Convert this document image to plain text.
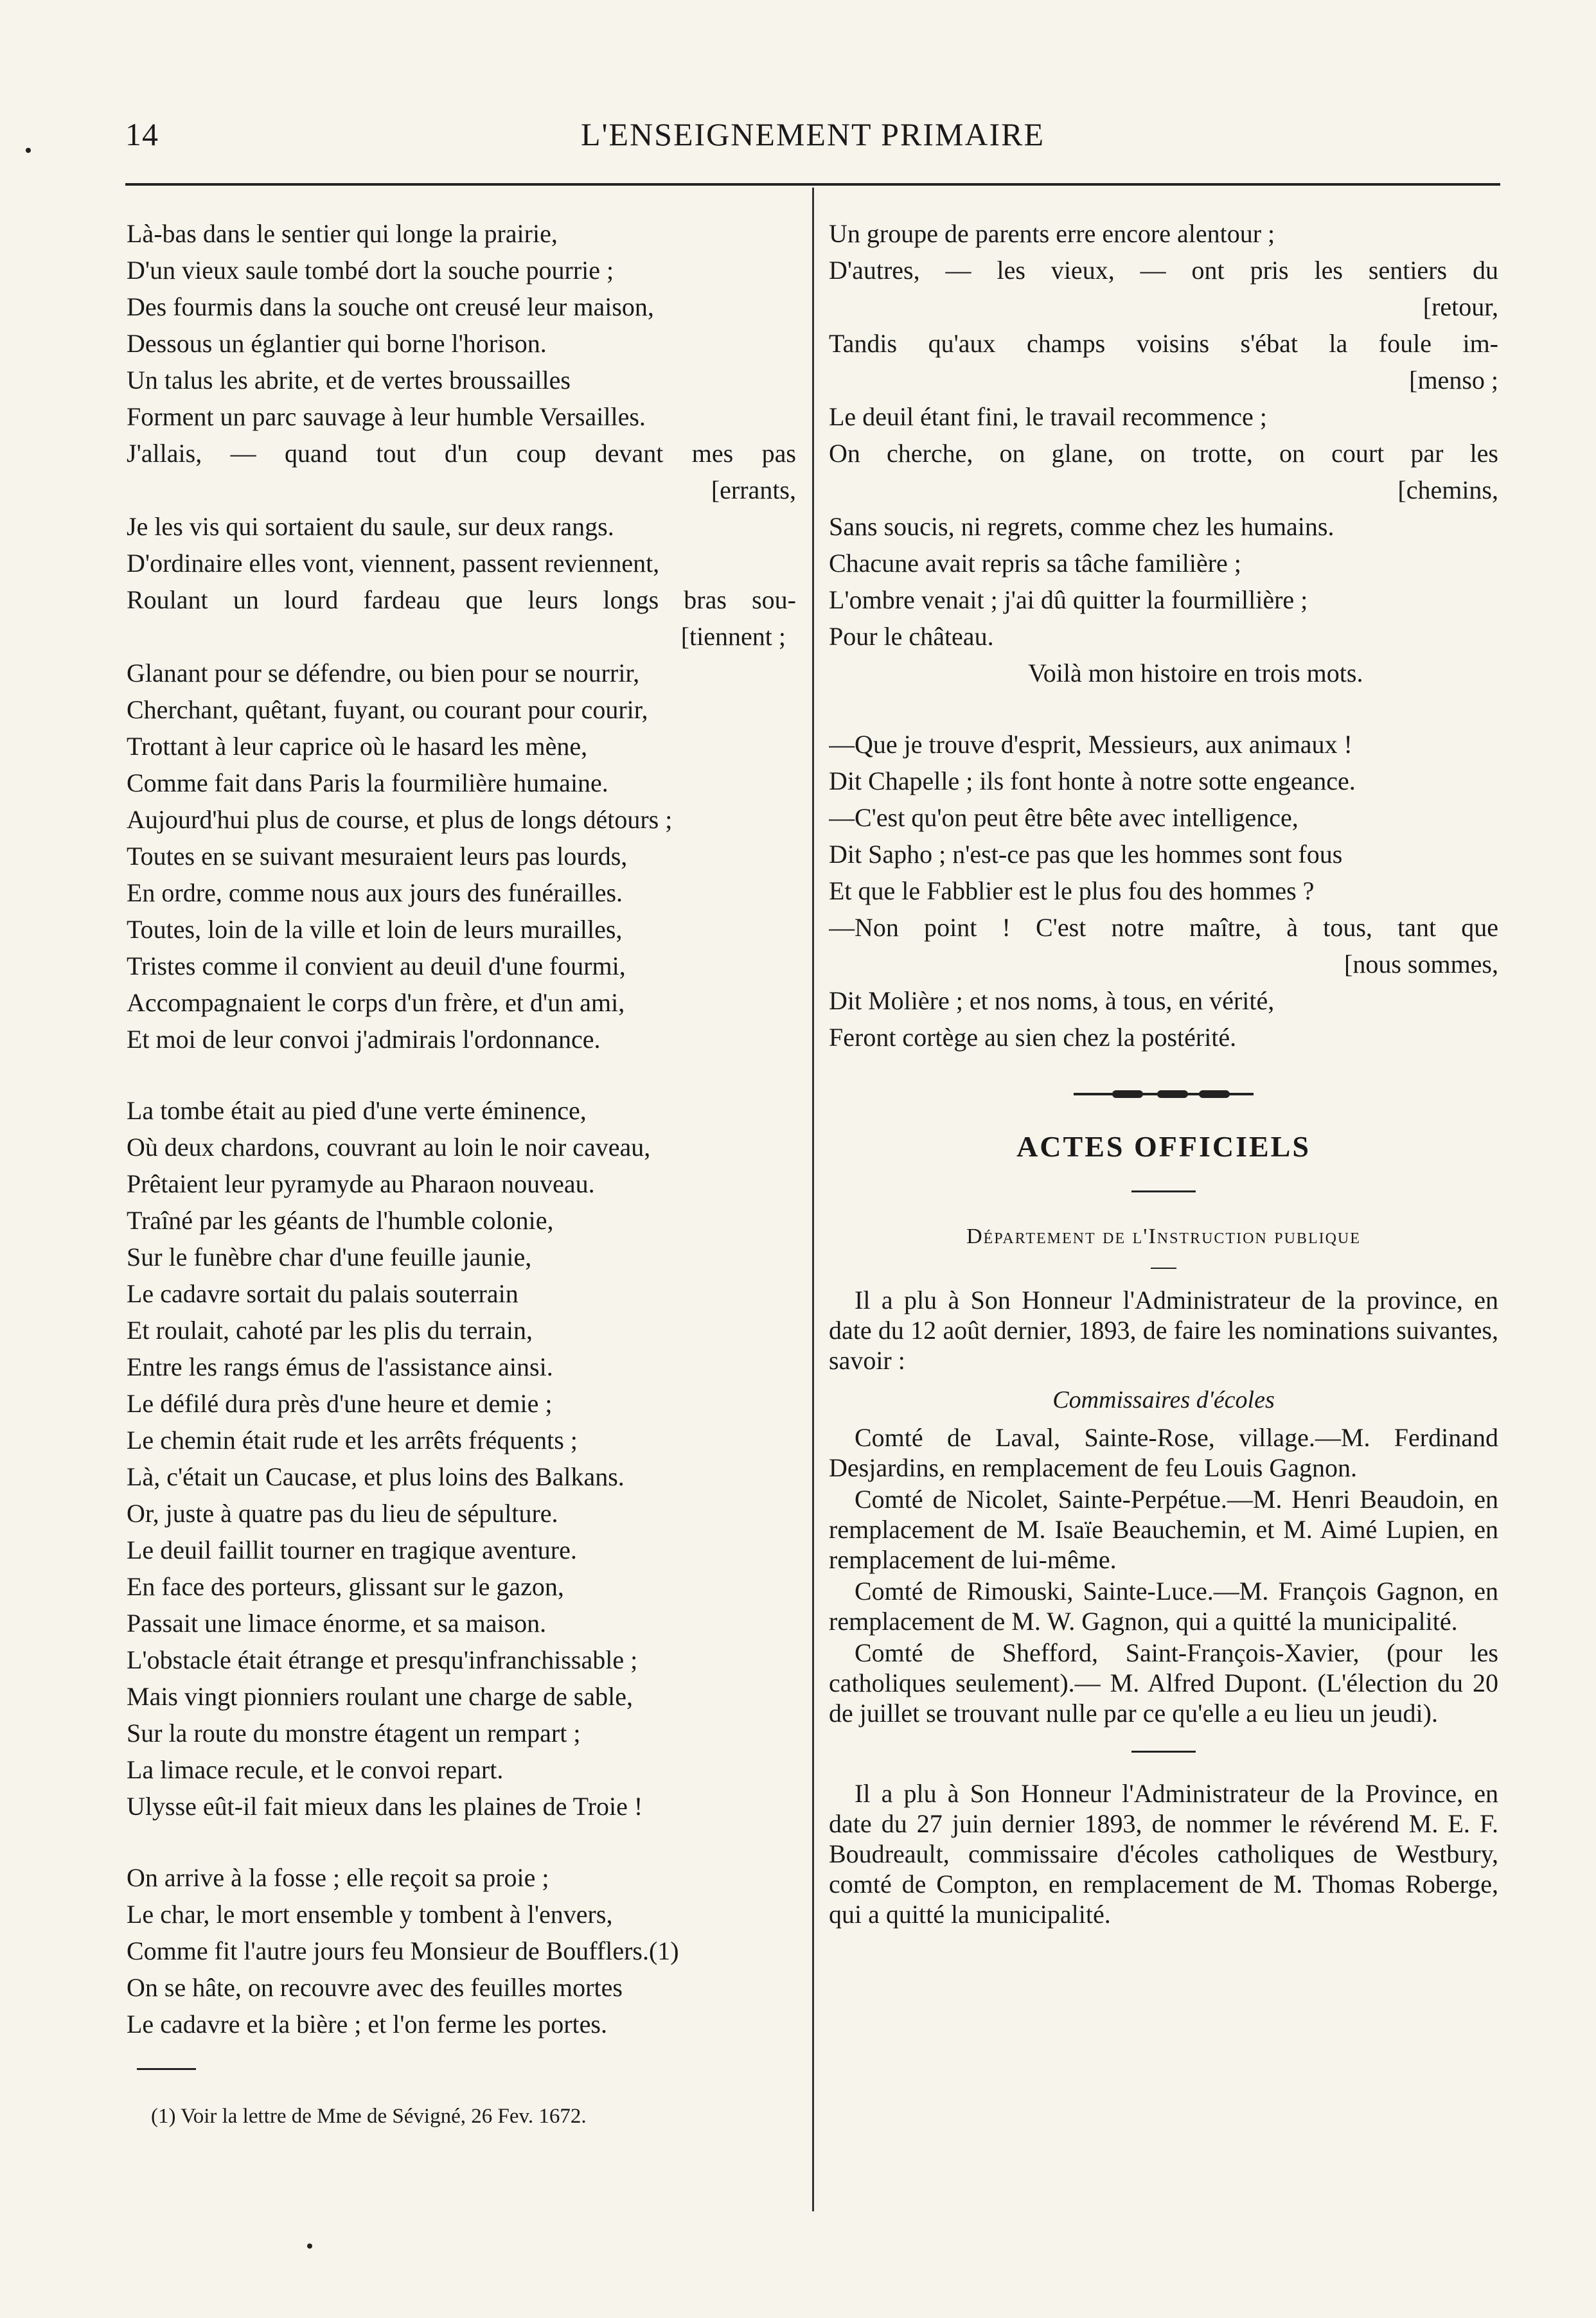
14	L'ENSEIGNEMENT PRIMAIRE
Là-bas dans le sentier qui longe la prairie,
D'un vieux saule tombé dort la souche pourrie ;
Des fourmis dans la souche ont creusé leur maison,
Dessous un églantier qui borne l'horison.
Un talus les abrite, et de vertes broussailles
Forment un parc sauvage à leur humble Versailles.
J'allais, — quand tout d'un coup devant mes pas
[errants,
Je les vis qui sortaient du saule, sur deux rangs.
D'ordinaire elles vont, viennent, passent reviennent,
Roulant un lourd fardeau que leurs longs bras sou-
[tiennent ;
Glanant pour se défendre, ou bien pour se nourrir,
Cherchant, quêtant, fuyant, ou courant pour courir,
Trottant à leur caprice où le hasard les mène,
Comme fait dans Paris la fourmilière humaine.
Aujourd'hui plus de course, et plus de longs détours ;
Toutes en se suivant mesuraient leurs pas lourds,
En ordre, comme nous aux jours des funérailles.
Toutes, loin de la ville et loin de leurs murailles,
Tristes comme il convient au deuil d'une fourmi,
Accompagnaient le corps d'un frère, et d'un ami,
Et moi de leur convoi j'admirais l'ordonnance.
La tombe était au pied d'une verte éminence,
Où deux chardons, couvrant au loin le noir caveau,
Prêtaient leur pyramyde au Pharaon nouveau.
Traîné par les géants de l'humble colonie,
Sur le funèbre char d'une feuille jaunie,
Le cadavre sortait du palais souterrain
Et roulait, cahoté par les plis du terrain,
Entre les rangs émus de l'assistance ainsi.
Le défilé dura près d'une heure et demie ;
Le chemin était rude et les arrêts fréquents ;
Là, c'était un Caucase, et plus loins des Balkans.
Or, juste à quatre pas du lieu de sépulture.
Le deuil faillit tourner en tragique aventure.
En face des porteurs, glissant sur le gazon,
Passait une limace énorme, et sa maison.
L'obstacle était étrange et presqu'infranchissable ;
Mais vingt pionniers roulant une charge de sable,
Sur la route du monstre étagent un rempart ;
La limace recule, et le convoi repart.
Ulysse eût-il fait mieux dans les plaines de Troie !
On arrive à la fosse ; elle reçoit sa proie ;
Le char, le mort ensemble y tombent à l'envers,
Comme fit l'autre jours feu Monsieur de Boufflers.(1)
On se hâte, on recouvre avec des feuilles mortes
Le cadavre et la bière ; et l'on ferme les portes.
(1) Voir la lettre de Mme de Sévigné, 26 Fev. 1672.
Un groupe de parents erre encore alentour ;
D'autres, — les vieux, — ont pris les sentiers du
[retour,
Tandis qu'aux champs voisins s'ébat la foule im-
[menso ;
Le deuil étant fini, le travail recommence ;
On cherche, on glane, on trotte, on court par les
[chemins,
Sans soucis, ni regrets, comme chez les humains.
Chacune avait repris sa tâche familière ;
L'ombre venait ; j'ai dû quitter la fourmillière ;
Pour le château.
Voilà mon histoire en trois mots.
—Que je trouve d'esprit, Messieurs, aux animaux !
Dit Chapelle ; ils font honte à notre sotte engeance.
—C'est qu'on peut être bête avec intelligence,
Dit Sapho ; n'est-ce pas que les hommes sont fous
Et que le Fabblier est le plus fou des hommes ?
—Non point ! C'est notre maître, à tous, tant que
[nous sommes,
Dit Molière ; et nos noms, à tous, en vérité,
Feront cortège au sien chez la postérité.
ACTES OFFICIELS
Département de l'Instruction publique

Il a plu à Son Honneur l'Administrateur de la province, en date du 12 août dernier, 1893, de faire les nominations suivantes, savoir :

Commissaires d'écoles

Comté de Laval, Sainte-Rose, village.—M. Ferdinand Desjardins, en remplacement de feu Louis Gagnon.

Comté de Nicolet, Sainte-Perpétue.—M. Henri Beaudoin, en remplacement de M. Isaïe Beauchemin, et M. Aimé Lupien, en remplacement de lui-même.

Comté de Rimouski, Sainte-Luce.—M. François Gagnon, en remplacement de M. W. Gagnon, qui a quitté la municipalité.

Comté de Shefford, Saint-François-Xavier, (pour les catholiques seulement).— M. Alfred Dupont. (L'élection du 20 de juillet se trouvant nulle par ce qu'elle a eu lieu un jeudi).

Il a plu à Son Honneur l'Administrateur de la Province, en date du 27 juin dernier 1893, de nommer le révérend M. E. F. Boudreault, commissaire d'écoles catholiques de Westbury, comté de Compton, en remplacement de M. Thomas Roberge, qui a quitté la municipalité.
